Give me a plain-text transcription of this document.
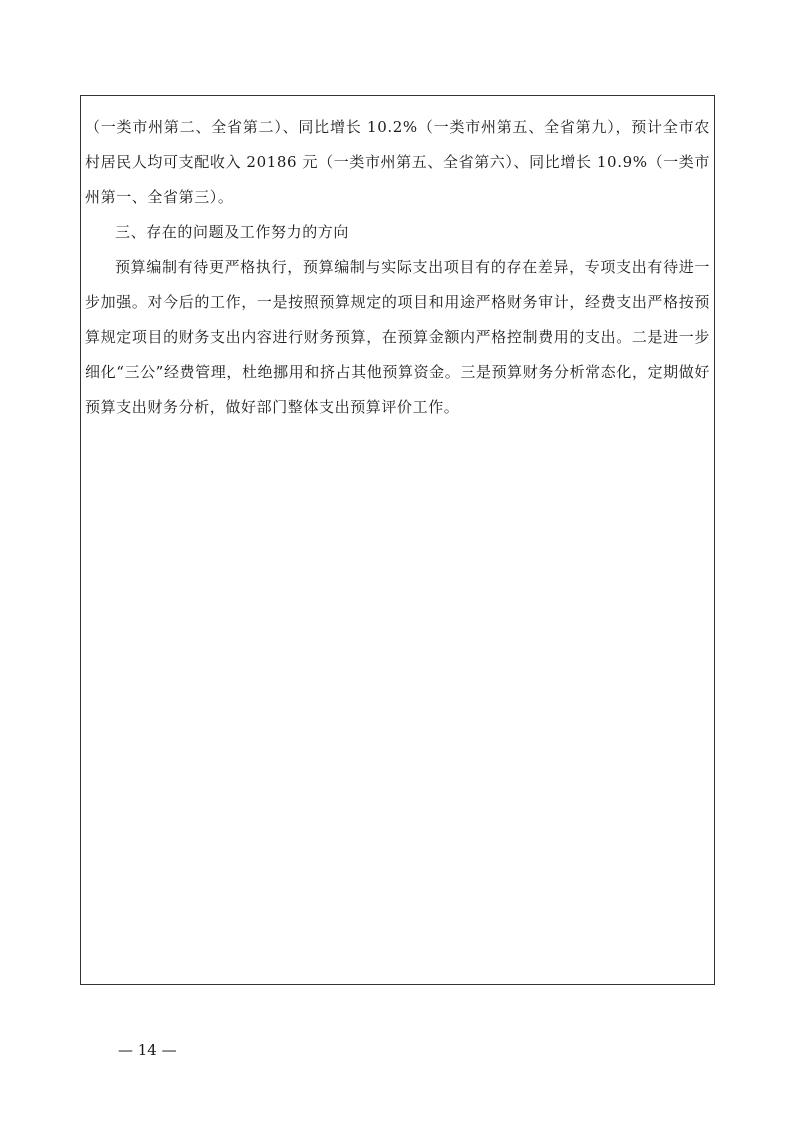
（一类市州第二、全省第二）、同比增长 10.2%（一类市州第五、全省第九），预计全市农村居民人均可支配收入 20186 元（一类市州第五、全省第六）、同比增长 10.9%（一类市州第一、全省第三）。

三、存在的问题及工作努力的方向

预算编制有待更严格执行，预算编制与实际支出项目有的存在差异，专项支出有待进一步加强。对今后的工作，一是按照预算规定的项目和用途严格财务审计，经费支出严格按预算规定项目的财务支出内容进行财务预算，在预算金额内严格控制费用的支出。二是进一步细化“三公”经费管理，杜绝挪用和挤占其他预算资金。三是预算财务分析常态化，定期做好预算支出财务分析，做好部门整体支出预算评价工作。

— 14 —
